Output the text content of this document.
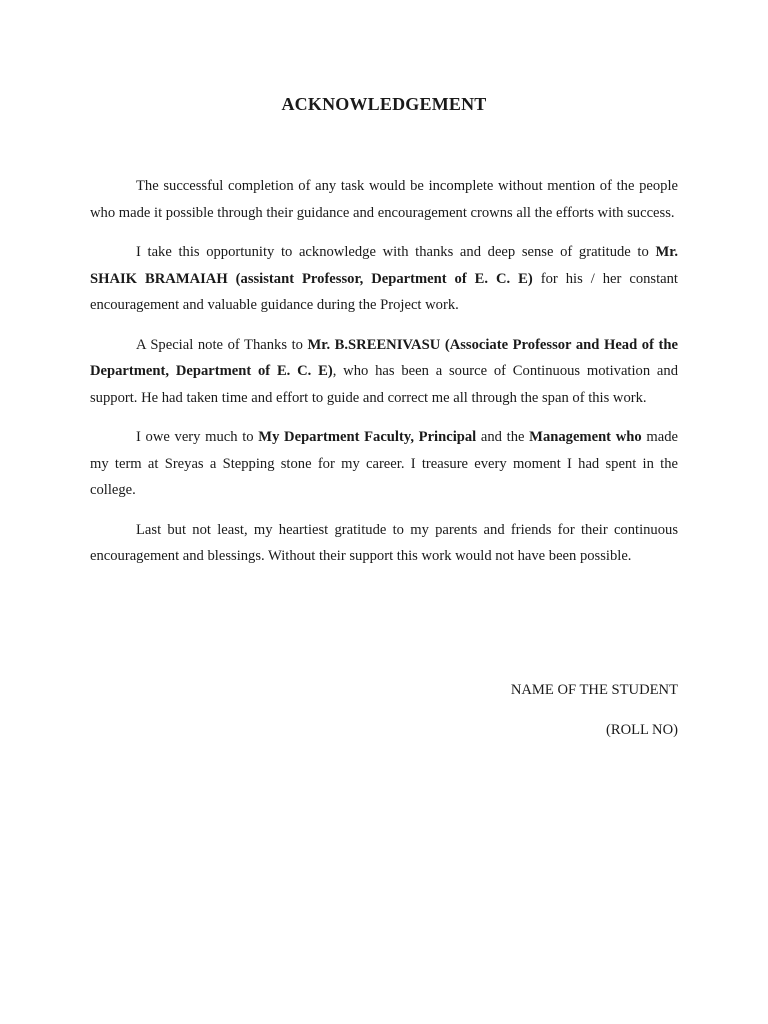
ACKNOWLEDGEMENT

The successful completion of any task would be incomplete without mention of the people who made it possible through their guidance and encouragement crowns all the efforts with success.

I take this opportunity to acknowledge with thanks and deep sense of gratitude to Mr. SHAIK BRAMAIAH (assistant Professor, Department of E. C. E) for his / her constant encouragement and valuable guidance during the Project work.

A Special note of Thanks to Mr. B.SREENIVASU (Associate Professor and Head of the Department, Department of E. C. E), who has been a source of Continuous motivation and support. He had taken time and effort to guide and correct me all through the span of this work.

I owe very much to My Department Faculty, Principal and the Management who made my term at Sreyas a Stepping stone for my career. I treasure every moment I had spent in the college.

Last but not least, my heartiest gratitude to my parents and friends for their continuous encouragement and blessings. Without their support this work would not have been possible.

NAME OF THE STUDENT
(ROLL NO)
